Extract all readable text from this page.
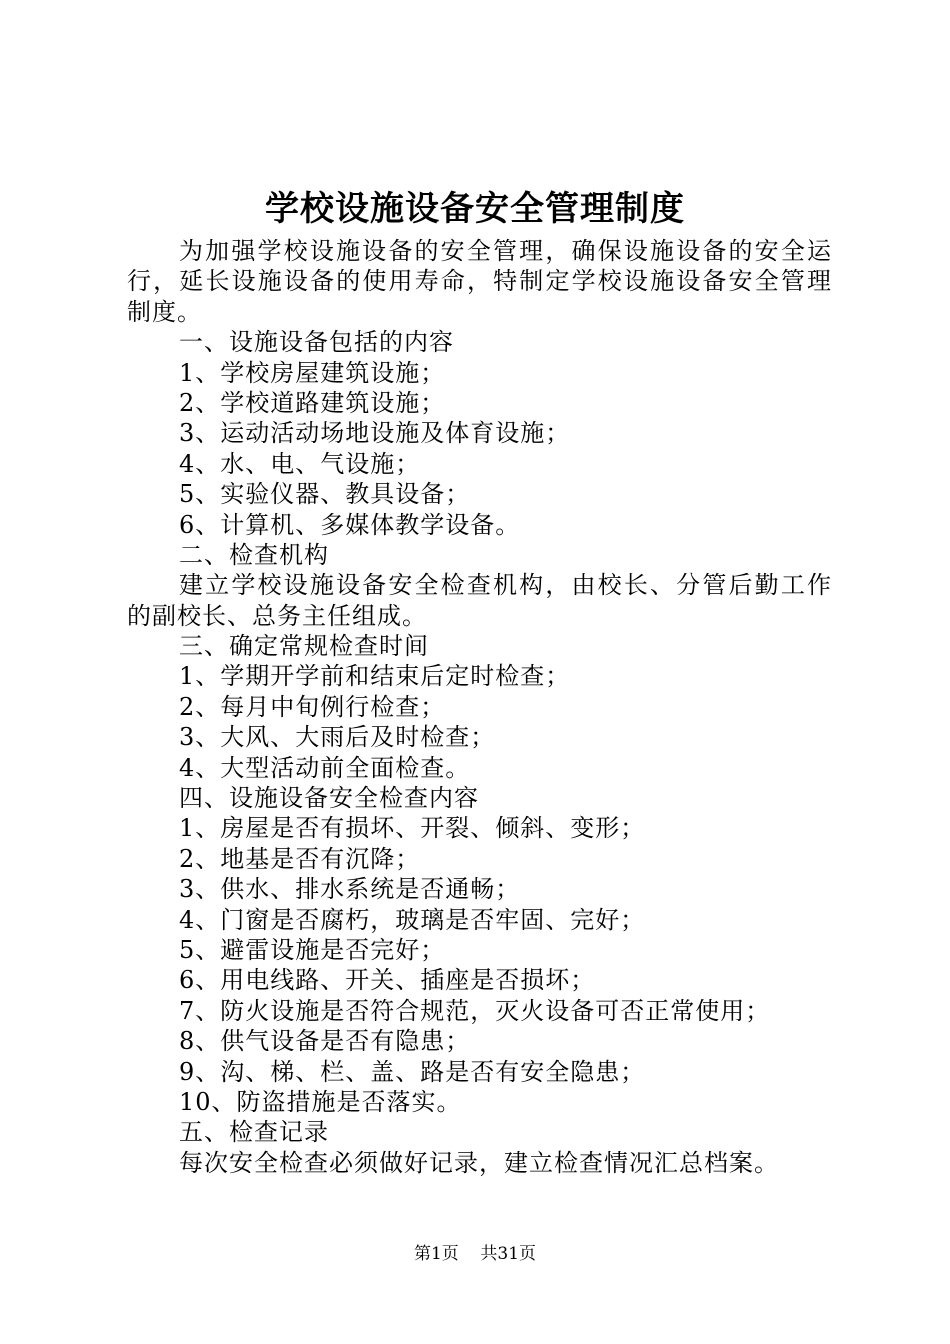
学校设施设备安全管理制度
为加强学校设施设备的安全管理，确保设施设备的安全运
行，延长设施设备的使用寿命，特制定学校设施设备安全管理
制度。
一、设施设备包括的内容
1、学校房屋建筑设施；
2、学校道路建筑设施；
3、运动活动场地设施及体育设施；
4、水、电、气设施；
5、实验仪器、教具设备；
6、计算机、多媒体教学设备。
二、检查机构
建立学校设施设备安全检查机构，由校长、分管后勤工作
的副校长、总务主任组成。
三、确定常规检查时间
1、学期开学前和结束后定时检查；
2、每月中旬例行检查；
3、大风、大雨后及时检查；
4、大型活动前全面检查。
四、设施设备安全检查内容
1、房屋是否有损坏、开裂、倾斜、变形；
2、地基是否有沉降；
3、供水、排水系统是否通畅；
4、门窗是否腐朽，玻璃是否牢固、完好；
5、避雷设施是否完好；
6、用电线路、开关、插座是否损坏；
7、防火设施是否符合规范，灭火设备可否正常使用；
8、供气设备是否有隐患；
9、沟、梯、栏、盖、路是否有安全隐患；
10、防盗措施是否落实。
五、检查记录
每次安全检查必须做好记录，建立检查情况汇总档案。
第1页 共31页
